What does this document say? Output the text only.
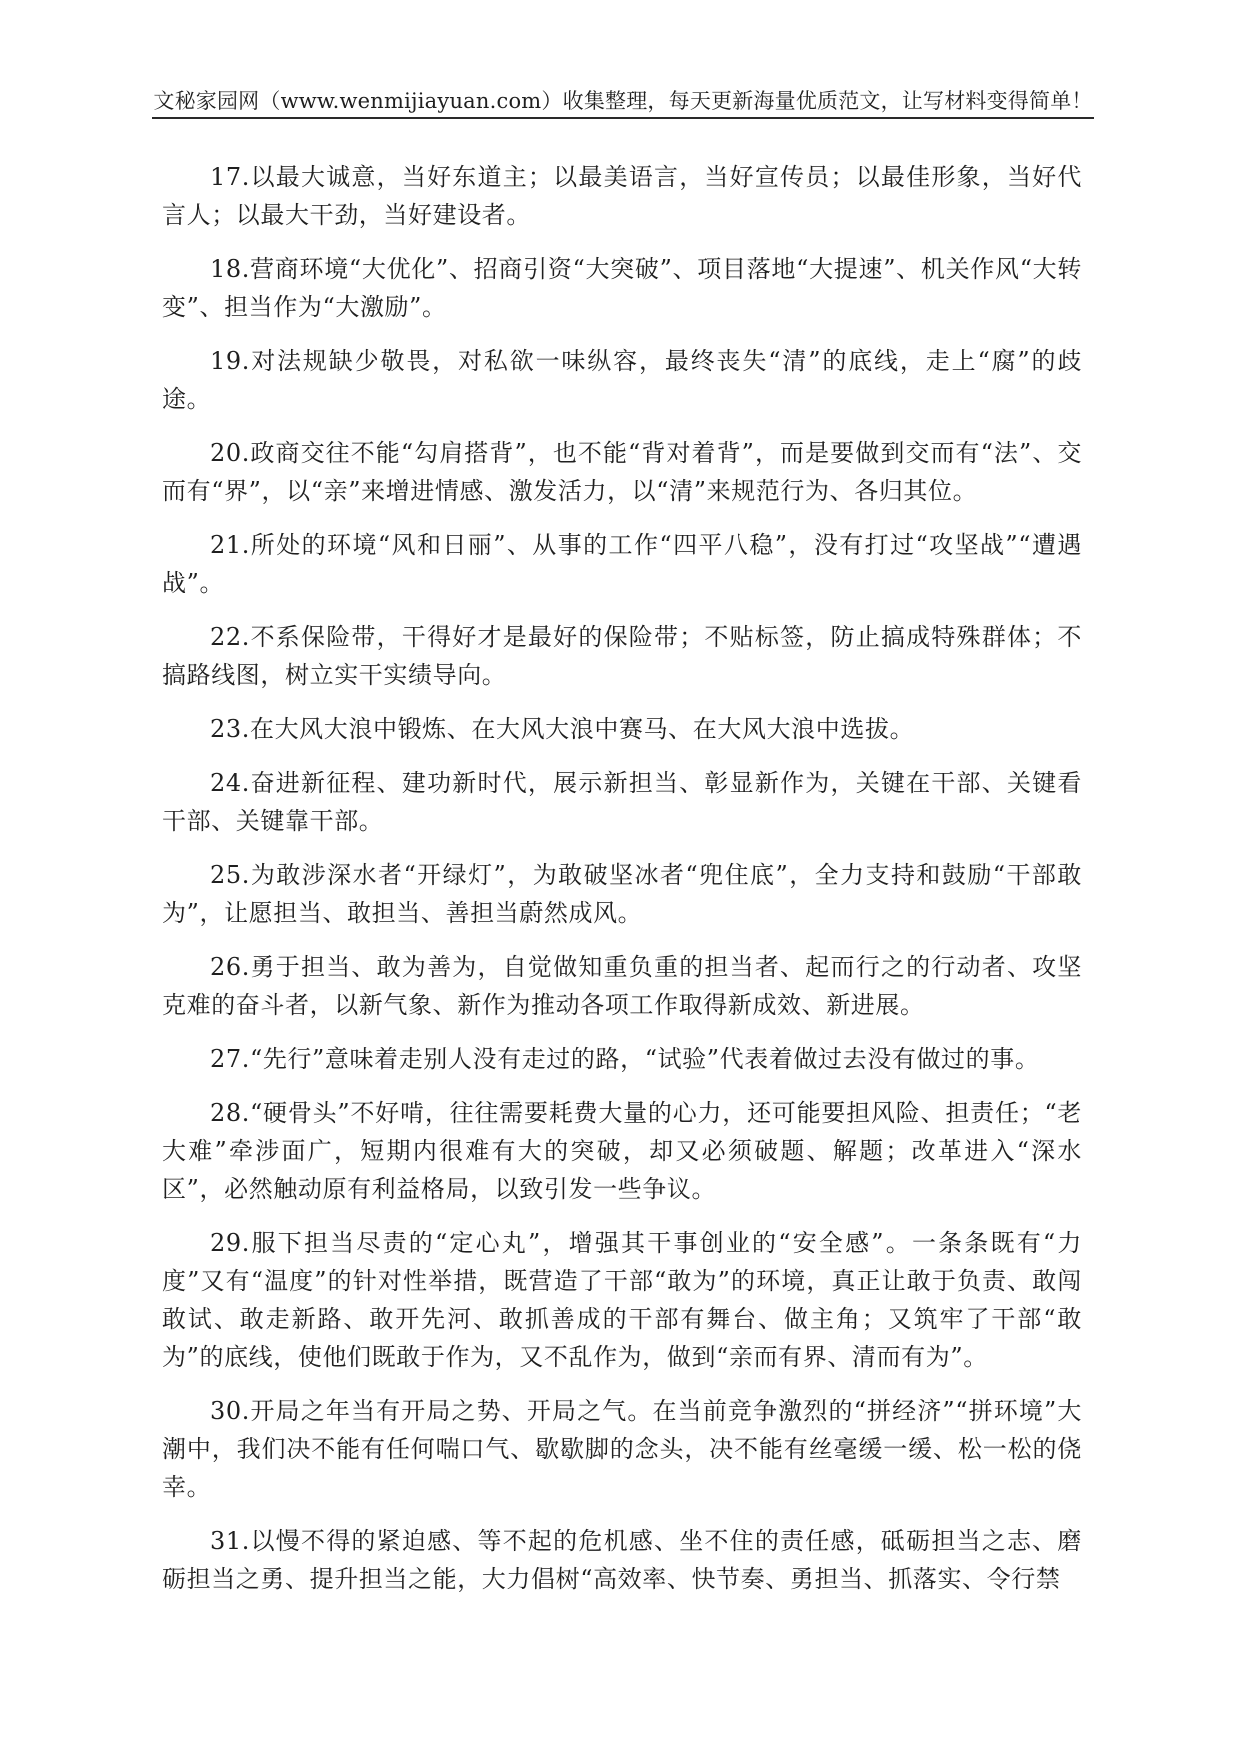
文秘家园网（www.wenmijiayuan.com）收集整理，每天更新海量优质范文，让写材料变得简单！

17.以最大诚意，当好东道主；以最美语言，当好宣传员；以最佳形象，当好代言人；以最大干劲，当好建设者。

18.营商环境“大优化”、招商引资“大突破”、项目落地“大提速”、机关作风“大转变”、担当作为“大激励”。

19.对法规缺少敬畏，对私欲一味纵容，最终丧失“清”的底线，走上“腐”的歧途。

20.政商交往不能“勾肩搭背”，也不能“背对着背”，而是要做到交而有“法”、交而有“界”，以“亲”来增进情感、激发活力，以“清”来规范行为、各归其位。

21.所处的环境“风和日丽”、从事的工作“四平八稳”，没有打过“攻坚战”“遭遇战”。

22.不系保险带，干得好才是最好的保险带；不贴标签，防止搞成特殊群体；不搞路线图，树立实干实绩导向。

23.在大风大浪中锻炼、在大风大浪中赛马、在大风大浪中选拔。

24.奋进新征程、建功新时代，展示新担当、彰显新作为，关键在干部、关键看干部、关键靠干部。

25.为敢涉深水者“开绿灯”，为敢破坚冰者“兜住底”，全力支持和鼓励“干部敢为”，让愿担当、敢担当、善担当蔚然成风。

26.勇于担当、敢为善为，自觉做知重负重的担当者、起而行之的行动者、攻坚克难的奋斗者，以新气象、新作为推动各项工作取得新成效、新进展。

27.“先行”意味着走别人没有走过的路，“试验”代表着做过去没有做过的事。

28.“硬骨头”不好啃，往往需要耗费大量的心力，还可能要担风险、担责任；“老大难”牵涉面广，短期内很难有大的突破，却又必须破题、解题；改革进入“深水区”，必然触动原有利益格局，以致引发一些争议。

29.服下担当尽责的“定心丸”，增强其干事创业的“安全感”。一条条既有“力度”又有“温度”的针对性举措，既营造了干部“敢为”的环境，真正让敢于负责、敢闯敢试、敢走新路、敢开先河、敢抓善成的干部有舞台、做主角；又筑牢了干部“敢为”的底线，使他们既敢于作为，又不乱作为，做到“亲而有界、清而有为”。

30.开局之年当有开局之势、开局之气。在当前竞争激烈的“拼经济”“拼环境”大潮中，我们决不能有任何喘口气、歇歇脚的念头，决不能有丝毫缓一缓、松一松的侥幸。

31.以慢不得的紧迫感、等不起的危机感、坐不住的责任感，砥砺担当之志、磨砺担当之勇、提升担当之能，大力倡树“高效率、快节奏、勇担当、抓落实、令行禁
